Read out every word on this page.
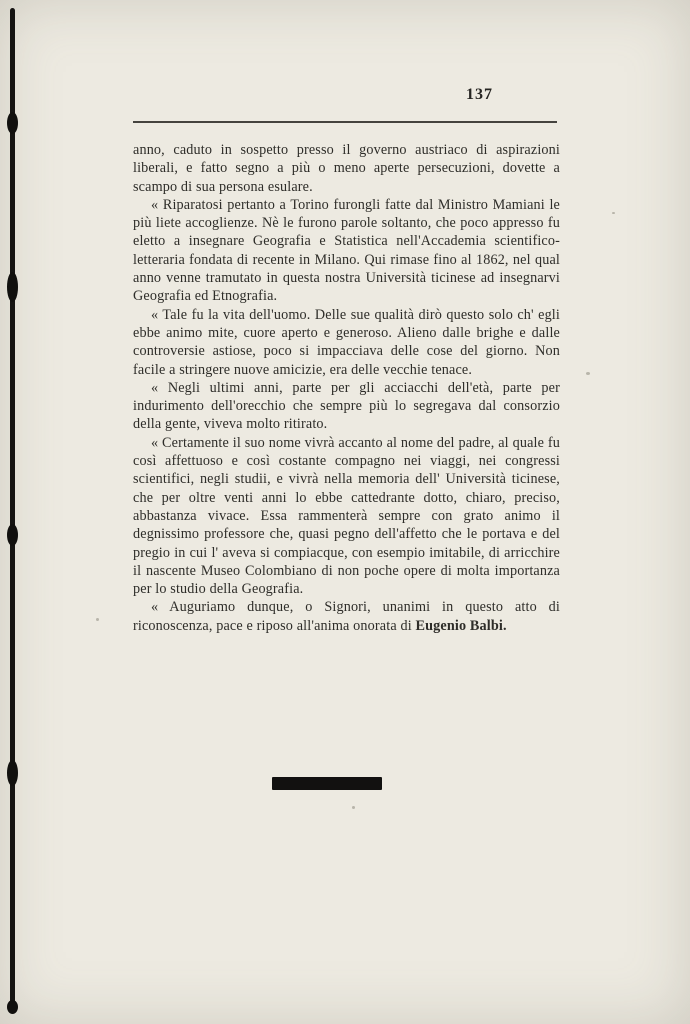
137

anno, caduto in sospetto presso il governo austriaco di aspirazioni liberali, e fatto segno a più o meno aperte persecuzioni, dovette a scampo di sua persona esulare.

« Riparatosi pertanto a Torino furongli fatte dal Ministro Mamiani le più liete accoglienze. Nè le furono parole soltanto, che poco appresso fu eletto a insegnare Geografia e Statistica nell'Accademia scientifico-letteraria fondata di recente in Milano. Qui rimase fino al 1862, nel qual anno venne tramutato in questa nostra Università ticinese ad insegnarvi Geografia ed Etnografia.

« Tale fu la vita dell'uomo. Delle sue qualità dirò questo solo ch' egli ebbe animo mite, cuore aperto e generoso. Alieno dalle brighe e dalle controversie astiose, poco si impacciava delle cose del giorno. Non facile a stringere nuove amicizie, era delle vecchie tenace.

« Negli ultimi anni, parte per gli acciacchi dell'età, parte per indurimento dell'orecchio che sempre più lo segregava dal consorzio della gente, viveva molto ritirato.

« Certamente il suo nome vivrà accanto al nome del padre, al quale fu così affettuoso e così costante compagno nei viaggi, nei congressi scientifici, negli studii, e vivrà nella memoria dell' Università ticinese, che per oltre venti anni lo ebbe cattedrante dotto, chiaro, preciso, abbastanza vivace. Essa rammenterà sempre con grato animo il degnissimo professore che, quasi pegno dell'affetto che le portava e del pregio in cui l' aveva si compiacque, con esempio imitabile, di arricchire il nascente Museo Colombiano di non poche opere di molta importanza per lo studio della Geografia.

« Auguriamo dunque, o Signori, unanimi in questo atto di riconoscenza, pace e riposo all'anima onorata di Eugenio Balbi.
